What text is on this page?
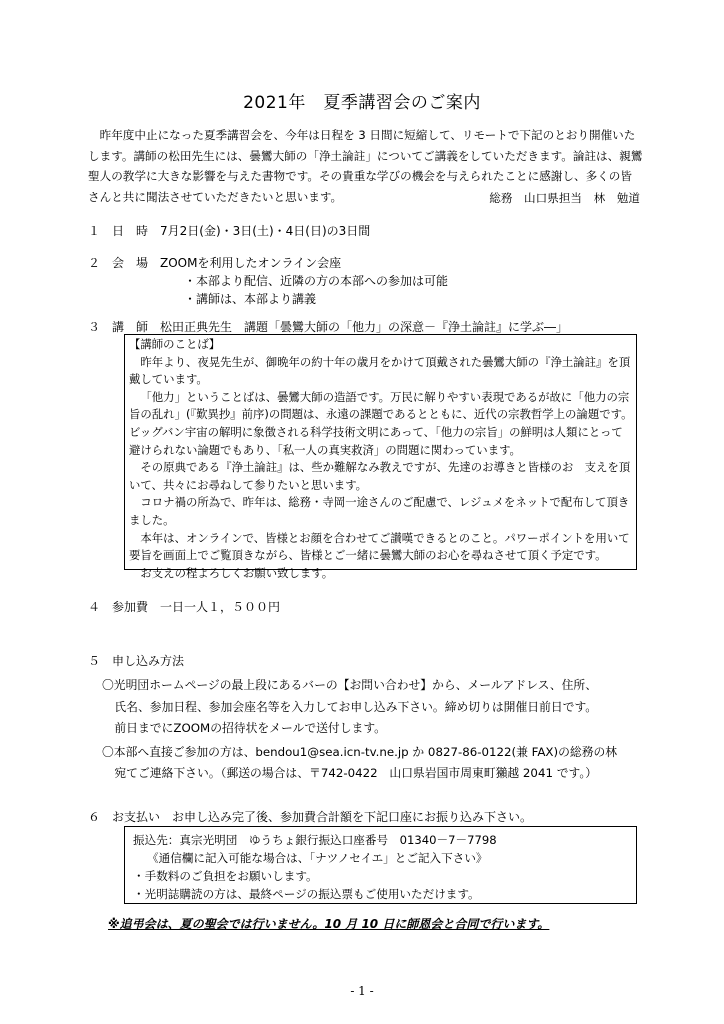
2021年　夏季講習会のご案内
昨年度中止になった夏季講習会を、今年は日程を 3 日間に短縮して、リモートで下記のとおり開催いたします。講師の松田先生には、曇鸞大師の「浄土論註」についてご講義をしていただきます。論註は、親鸞聖人の教学に大きな影響を与えた書物です。その貴重な学びの機会を与えられたことに感謝し、多くの皆さんと共に聞法させていただきたいと思います。	総務　山口県担当　林　勉道
１　日　時　7月2日(金)・3日(土)・4日(日)の3日間
２　会　場　ZOOMを利用したオンライン会座
・本部より配信、近隣の方の本部への参加は可能
・講師は、本部より講義
３　講　師　松田正典先生　講題「曇鸞大師の「他力」の深意－『浄土論註』に学ぶ―」
【講師のことば】
昨年より、夜晃先生が、御晩年の約十年の歳月をかけて頂戴された曇鸞大師の『浄土論註』を頂戴しています。
「他力」ということばは、曇鸞大師の造語です。万民に解りやすい表現であるが故に「他力の宗旨の乱れ」(『歎異抄』前序)の問題は、永遠の課題であるとともに、近代の宗教哲学上の論題です。ビッグバン宇宙の解明に象徴される科学技術文明にあって、「他力の宗旨」の鮮明は人類にとって避けられない論題でもあり、「私一人の真実救済」の問題に関わっています。
その原典である『浄土論註』は、些か難解なみ教えですが、先達のお導きと皆様のお　支えを頂いて、共々にお尋ねして参りたいと思います。
コロナ禍の所為で、昨年は、総務・寺岡一途さんのご配慮で、レジュメをネットで配布して頂きました。
本年は、オンラインで、皆様とお顔を合わせてご讃嘆できるとのこと。パワーポイントを用いて要旨を画面上でご覧頂きながら、皆様とご一緒に曇鸞大師のお心を尋ねさせて頂く予定です。
お支えの程よろしくお願い致します。
４　参加費　一日一人１，５００円
５　申し込み方法
〇光明団ホームページの最上段にあるバーの【お問い合わせ】から、メールアドレス、住所、
氏名、参加日程、参加会座名等を入力してお申し込み下さい。締め切りは開催日前日です。
前日までにZOOMの招待状をメールで送付します。
〇本部へ直接ご参加の方は、bendou1@sea.icn-tv.ne.jp か 0827-86-0122(兼 FAX)の総務の林
宛てご連絡下さい。（郵送の場合は、〒742-0422　山口県岩国市周東町獺越 2041 です。）
６　お支払い　お申し込み完了後、参加費合計額を下記口座にお振り込み下さい。
振込先：真宗光明団　ゆうちょ銀行振込口座番号　01340－7－7798
《通信欄に記入可能な場合は、「ナツノセイエ」とご記入下さい》
・手数料のご負担をお願いします。
・光明誌購読の方は、最終ページの振込票もご使用いただけます。
※追弔会は、夏の聖会では行いません。10 月 10 日に師恩会と合同で行います。
- 1 -
